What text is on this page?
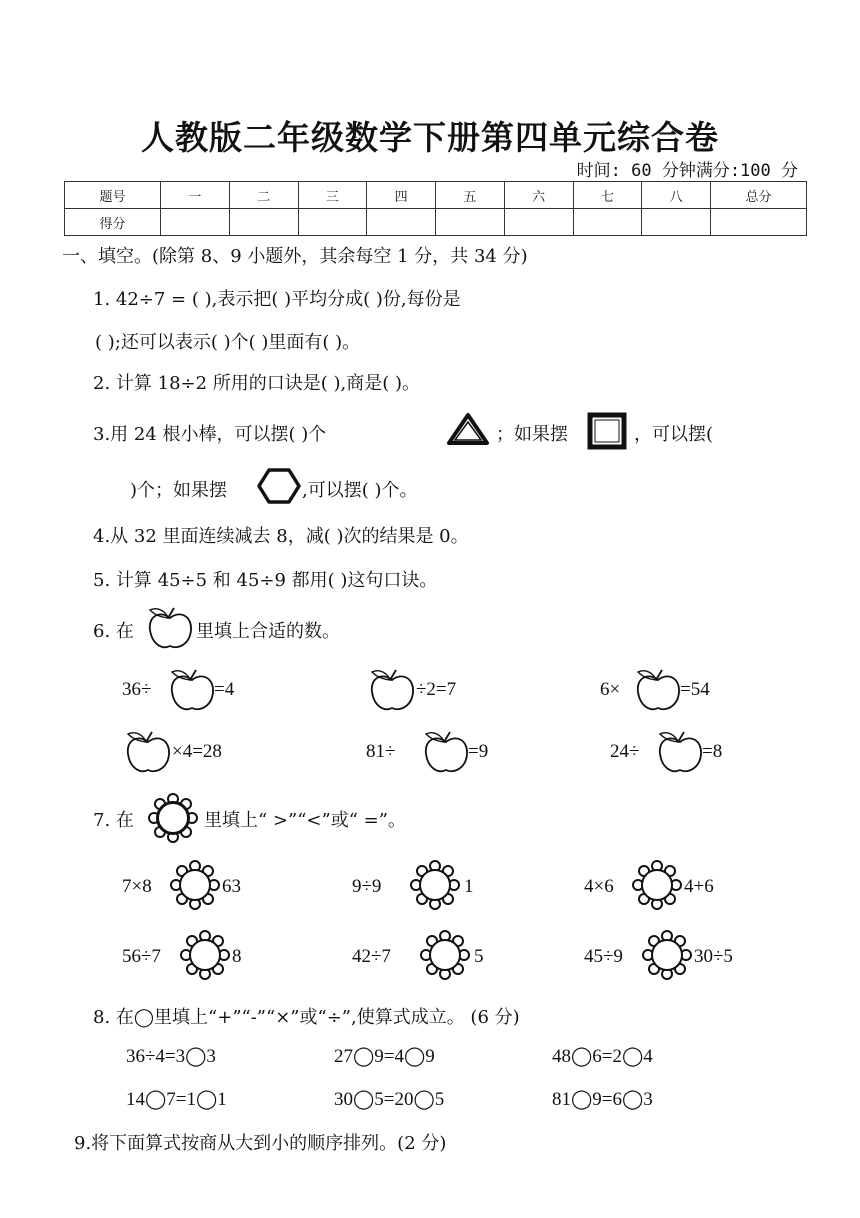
人教版二年级数学下册第四单元综合卷
时间: 60 分钟满分:100 分
题号	一	二	三	四	五	六	七	八	总分
得分									
一、填空。(除第 8、9 小题外，其余每空 1 分，共 34 分)
1. 42÷7 = ( ),表示把( )平均分成( )份,每份是
( );还可以表示( )个( )里面有( )。
2. 计算 18÷2 所用的口诀是( ),商是( )。
3.用 24 根小棒，可以摆( )个	；如果摆	，可以摆(
)个；如果摆	,可以摆( )个。
4.从 32 里面连续减去 8，减( )次的结果是 0。
5. 计算 45÷5 和 45÷9 都用( )这句口诀。
6. 在	里填上合适的数。
36÷	=4	÷2=7	6×	=54
×4=28	81÷	=9	24÷	=8
7. 在	里填上“ >”“<”或“ =”。
7×8	63	9÷9	1	4×6	4+6
56÷7	8	42÷7	5	45÷9	30÷5
8. 在◯里填上“+”“-”“×”或“÷”,使算式成立。 (6 分)
36÷4=3◯3	27◯9=4◯9	48◯6=2◯4
14◯7=1◯1	30◯5=20◯5	81◯9=6◯3
9.将下面算式按商从大到小的顺序排列。(2 分)
